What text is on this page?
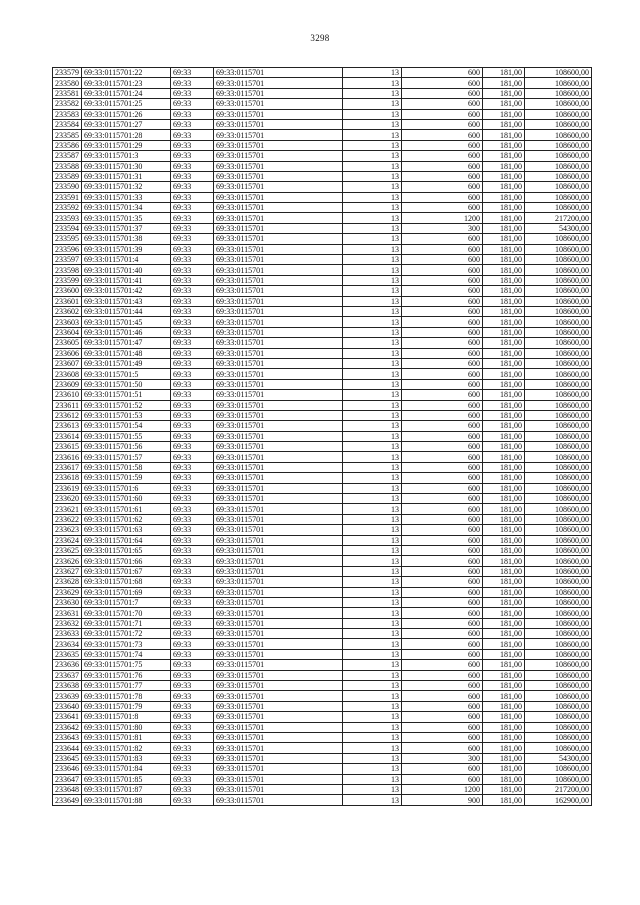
3298
233579	69:33:0115701:22	69:33	69:33:0115701	13	600	181,00	108600,00
233580	69:33:0115701:23	69:33	69:33:0115701	13	600	181,00	108600,00
233581	69:33:0115701:24	69:33	69:33:0115701	13	600	181,00	108600,00
233582	69:33:0115701:25	69:33	69:33:0115701	13	600	181,00	108600,00
233583	69:33:0115701:26	69:33	69:33:0115701	13	600	181,00	108600,00
233584	69:33:0115701:27	69:33	69:33:0115701	13	600	181,00	108600,00
233585	69:33:0115701:28	69:33	69:33:0115701	13	600	181,00	108600,00
233586	69:33:0115701:29	69:33	69:33:0115701	13	600	181,00	108600,00
233587	69:33:0115701:3	69:33	69:33:0115701	13	600	181,00	108600,00
233588	69:33:0115701:30	69:33	69:33:0115701	13	600	181,00	108600,00
233589	69:33:0115701:31	69:33	69:33:0115701	13	600	181,00	108600,00
233590	69:33:0115701:32	69:33	69:33:0115701	13	600	181,00	108600,00
233591	69:33:0115701:33	69:33	69:33:0115701	13	600	181,00	108600,00
233592	69:33:0115701:34	69:33	69:33:0115701	13	600	181,00	108600,00
233593	69:33:0115701:35	69:33	69:33:0115701	13	1200	181,00	217200,00
233594	69:33:0115701:37	69:33	69:33:0115701	13	300	181,00	54300,00
233595	69:33:0115701:38	69:33	69:33:0115701	13	600	181,00	108600,00
233596	69:33:0115701:39	69:33	69:33:0115701	13	600	181,00	108600,00
233597	69:33:0115701:4	69:33	69:33:0115701	13	600	181,00	108600,00
233598	69:33:0115701:40	69:33	69:33:0115701	13	600	181,00	108600,00
233599	69:33:0115701:41	69:33	69:33:0115701	13	600	181,00	108600,00
233600	69:33:0115701:42	69:33	69:33:0115701	13	600	181,00	108600,00
233601	69:33:0115701:43	69:33	69:33:0115701	13	600	181,00	108600,00
233602	69:33:0115701:44	69:33	69:33:0115701	13	600	181,00	108600,00
233603	69:33:0115701:45	69:33	69:33:0115701	13	600	181,00	108600,00
233604	69:33:0115701:46	69:33	69:33:0115701	13	600	181,00	108600,00
233605	69:33:0115701:47	69:33	69:33:0115701	13	600	181,00	108600,00
233606	69:33:0115701:48	69:33	69:33:0115701	13	600	181,00	108600,00
233607	69:33:0115701:49	69:33	69:33:0115701	13	600	181,00	108600,00
233608	69:33:0115701:5	69:33	69:33:0115701	13	600	181,00	108600,00
233609	69:33:0115701:50	69:33	69:33:0115701	13	600	181,00	108600,00
233610	69:33:0115701:51	69:33	69:33:0115701	13	600	181,00	108600,00
233611	69:33:0115701:52	69:33	69:33:0115701	13	600	181,00	108600,00
233612	69:33:0115701:53	69:33	69:33:0115701	13	600	181,00	108600,00
233613	69:33:0115701:54	69:33	69:33:0115701	13	600	181,00	108600,00
233614	69:33:0115701:55	69:33	69:33:0115701	13	600	181,00	108600,00
233615	69:33:0115701:56	69:33	69:33:0115701	13	600	181,00	108600,00
233616	69:33:0115701:57	69:33	69:33:0115701	13	600	181,00	108600,00
233617	69:33:0115701:58	69:33	69:33:0115701	13	600	181,00	108600,00
233618	69:33:0115701:59	69:33	69:33:0115701	13	600	181,00	108600,00
233619	69:33:0115701:6	69:33	69:33:0115701	13	600	181,00	108600,00
233620	69:33:0115701:60	69:33	69:33:0115701	13	600	181,00	108600,00
233621	69:33:0115701:61	69:33	69:33:0115701	13	600	181,00	108600,00
233622	69:33:0115701:62	69:33	69:33:0115701	13	600	181,00	108600,00
233623	69:33:0115701:63	69:33	69:33:0115701	13	600	181,00	108600,00
233624	69:33:0115701:64	69:33	69:33:0115701	13	600	181,00	108600,00
233625	69:33:0115701:65	69:33	69:33:0115701	13	600	181,00	108600,00
233626	69:33:0115701:66	69:33	69:33:0115701	13	600	181,00	108600,00
233627	69:33:0115701:67	69:33	69:33:0115701	13	600	181,00	108600,00
233628	69:33:0115701:68	69:33	69:33:0115701	13	600	181,00	108600,00
233629	69:33:0115701:69	69:33	69:33:0115701	13	600	181,00	108600,00
233630	69:33:0115701:7	69:33	69:33:0115701	13	600	181,00	108600,00
233631	69:33:0115701:70	69:33	69:33:0115701	13	600	181,00	108600,00
233632	69:33:0115701:71	69:33	69:33:0115701	13	600	181,00	108600,00
233633	69:33:0115701:72	69:33	69:33:0115701	13	600	181,00	108600,00
233634	69:33:0115701:73	69:33	69:33:0115701	13	600	181,00	108600,00
233635	69:33:0115701:74	69:33	69:33:0115701	13	600	181,00	108600,00
233636	69:33:0115701:75	69:33	69:33:0115701	13	600	181,00	108600,00
233637	69:33:0115701:76	69:33	69:33:0115701	13	600	181,00	108600,00
233638	69:33:0115701:77	69:33	69:33:0115701	13	600	181,00	108600,00
233639	69:33:0115701:78	69:33	69:33:0115701	13	600	181,00	108600,00
233640	69:33:0115701:79	69:33	69:33:0115701	13	600	181,00	108600,00
233641	69:33:0115701:8	69:33	69:33:0115701	13	600	181,00	108600,00
233642	69:33:0115701:80	69:33	69:33:0115701	13	600	181,00	108600,00
233643	69:33:0115701:81	69:33	69:33:0115701	13	600	181,00	108600,00
233644	69:33:0115701:82	69:33	69:33:0115701	13	600	181,00	108600,00
233645	69:33:0115701:83	69:33	69:33:0115701	13	300	181,00	54300,00
233646	69:33:0115701:84	69:33	69:33:0115701	13	600	181,00	108600,00
233647	69:33:0115701:85	69:33	69:33:0115701	13	600	181,00	108600,00
233648	69:33:0115701:87	69:33	69:33:0115701	13	1200	181,00	217200,00
233649	69:33:0115701:88	69:33	69:33:0115701	13	900	181,00	162900,00
